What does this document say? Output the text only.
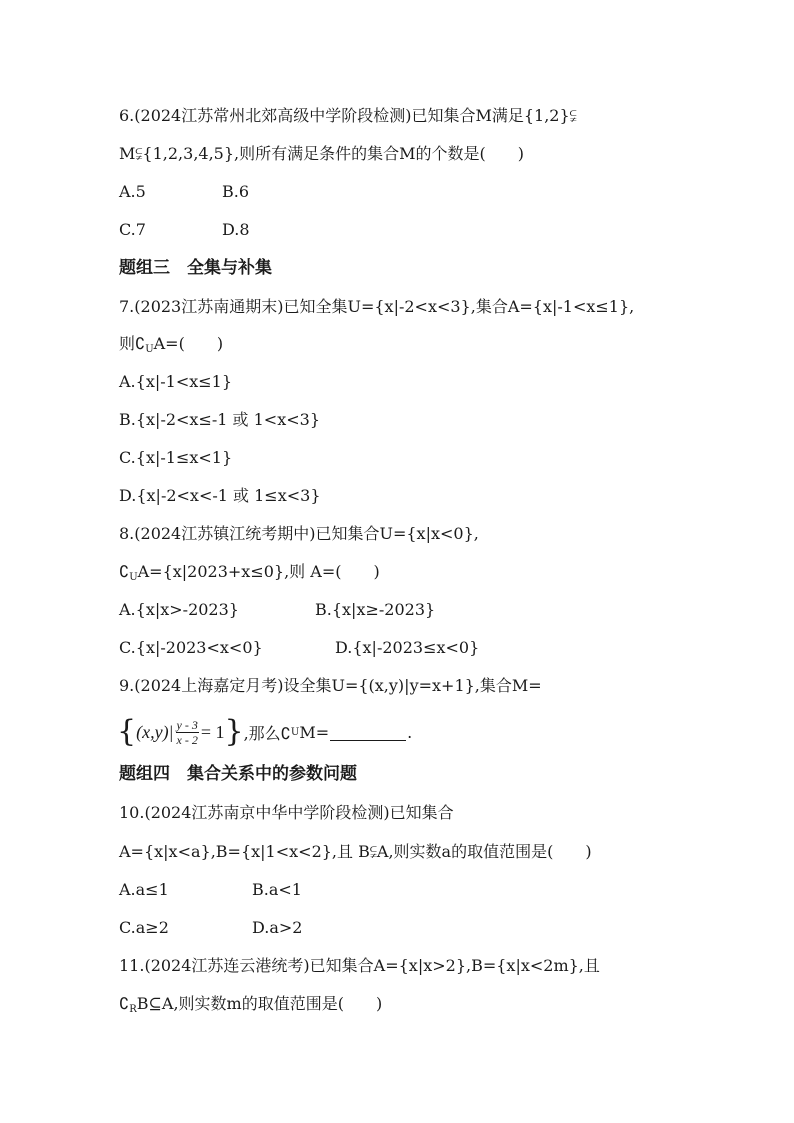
6.(2024江苏常州北郊高级中学阶段检测)已知集合M满足{1,2}⫋
M⫋{1,2,3,4,5},则所有满足条件的集合M的个数是(　　)
A.5	B.6
C.7	D.8
题组三　全集与补集
7.(2023江苏南通期末)已知全集U={x|-2<x<3},集合A={x|-1<x≤1},
则$∁_UA=$(　　)
A.{x|-1<x≤1}
B.{x|-2<x≤-1 或 1<x<3}
C.{x|-1≤x<1}
D.{x|-2<x<-1 或 1≤x<3}
8.(2024江苏镇江统考期中)已知集合U={x|x<0},
$∁_UA=\{x|2023+x\le 0\}$,则 A=(　　)
A.{x|x>-2023}	B.{x|x≥-2023}
C.{x|-2023<x<0}	D.{x|-2023≤x<0}
9.(2024上海嘉定月考)设全集U={(x,y)|y=x+1},集合M=
{ $(x,y)| \frac{y - 3}{x - 2} = 1$ } ,那么∁ U M=	.
题组四　集合关系中的参数问题
10.(2024江苏南京中华中学阶段检测)已知集合
A={x|x<a},B={x|1<x<2},且 B⫋A,则实数a的取值范围是(　　)
A.a≤1	B.a<1
C.a≥2	D.a>2
11.(2024江苏连云港统考)已知集合A={x|x>2},B={x|x<2m},且
$∁_RB⊆A$,则实数m的取值范围是(　　)
